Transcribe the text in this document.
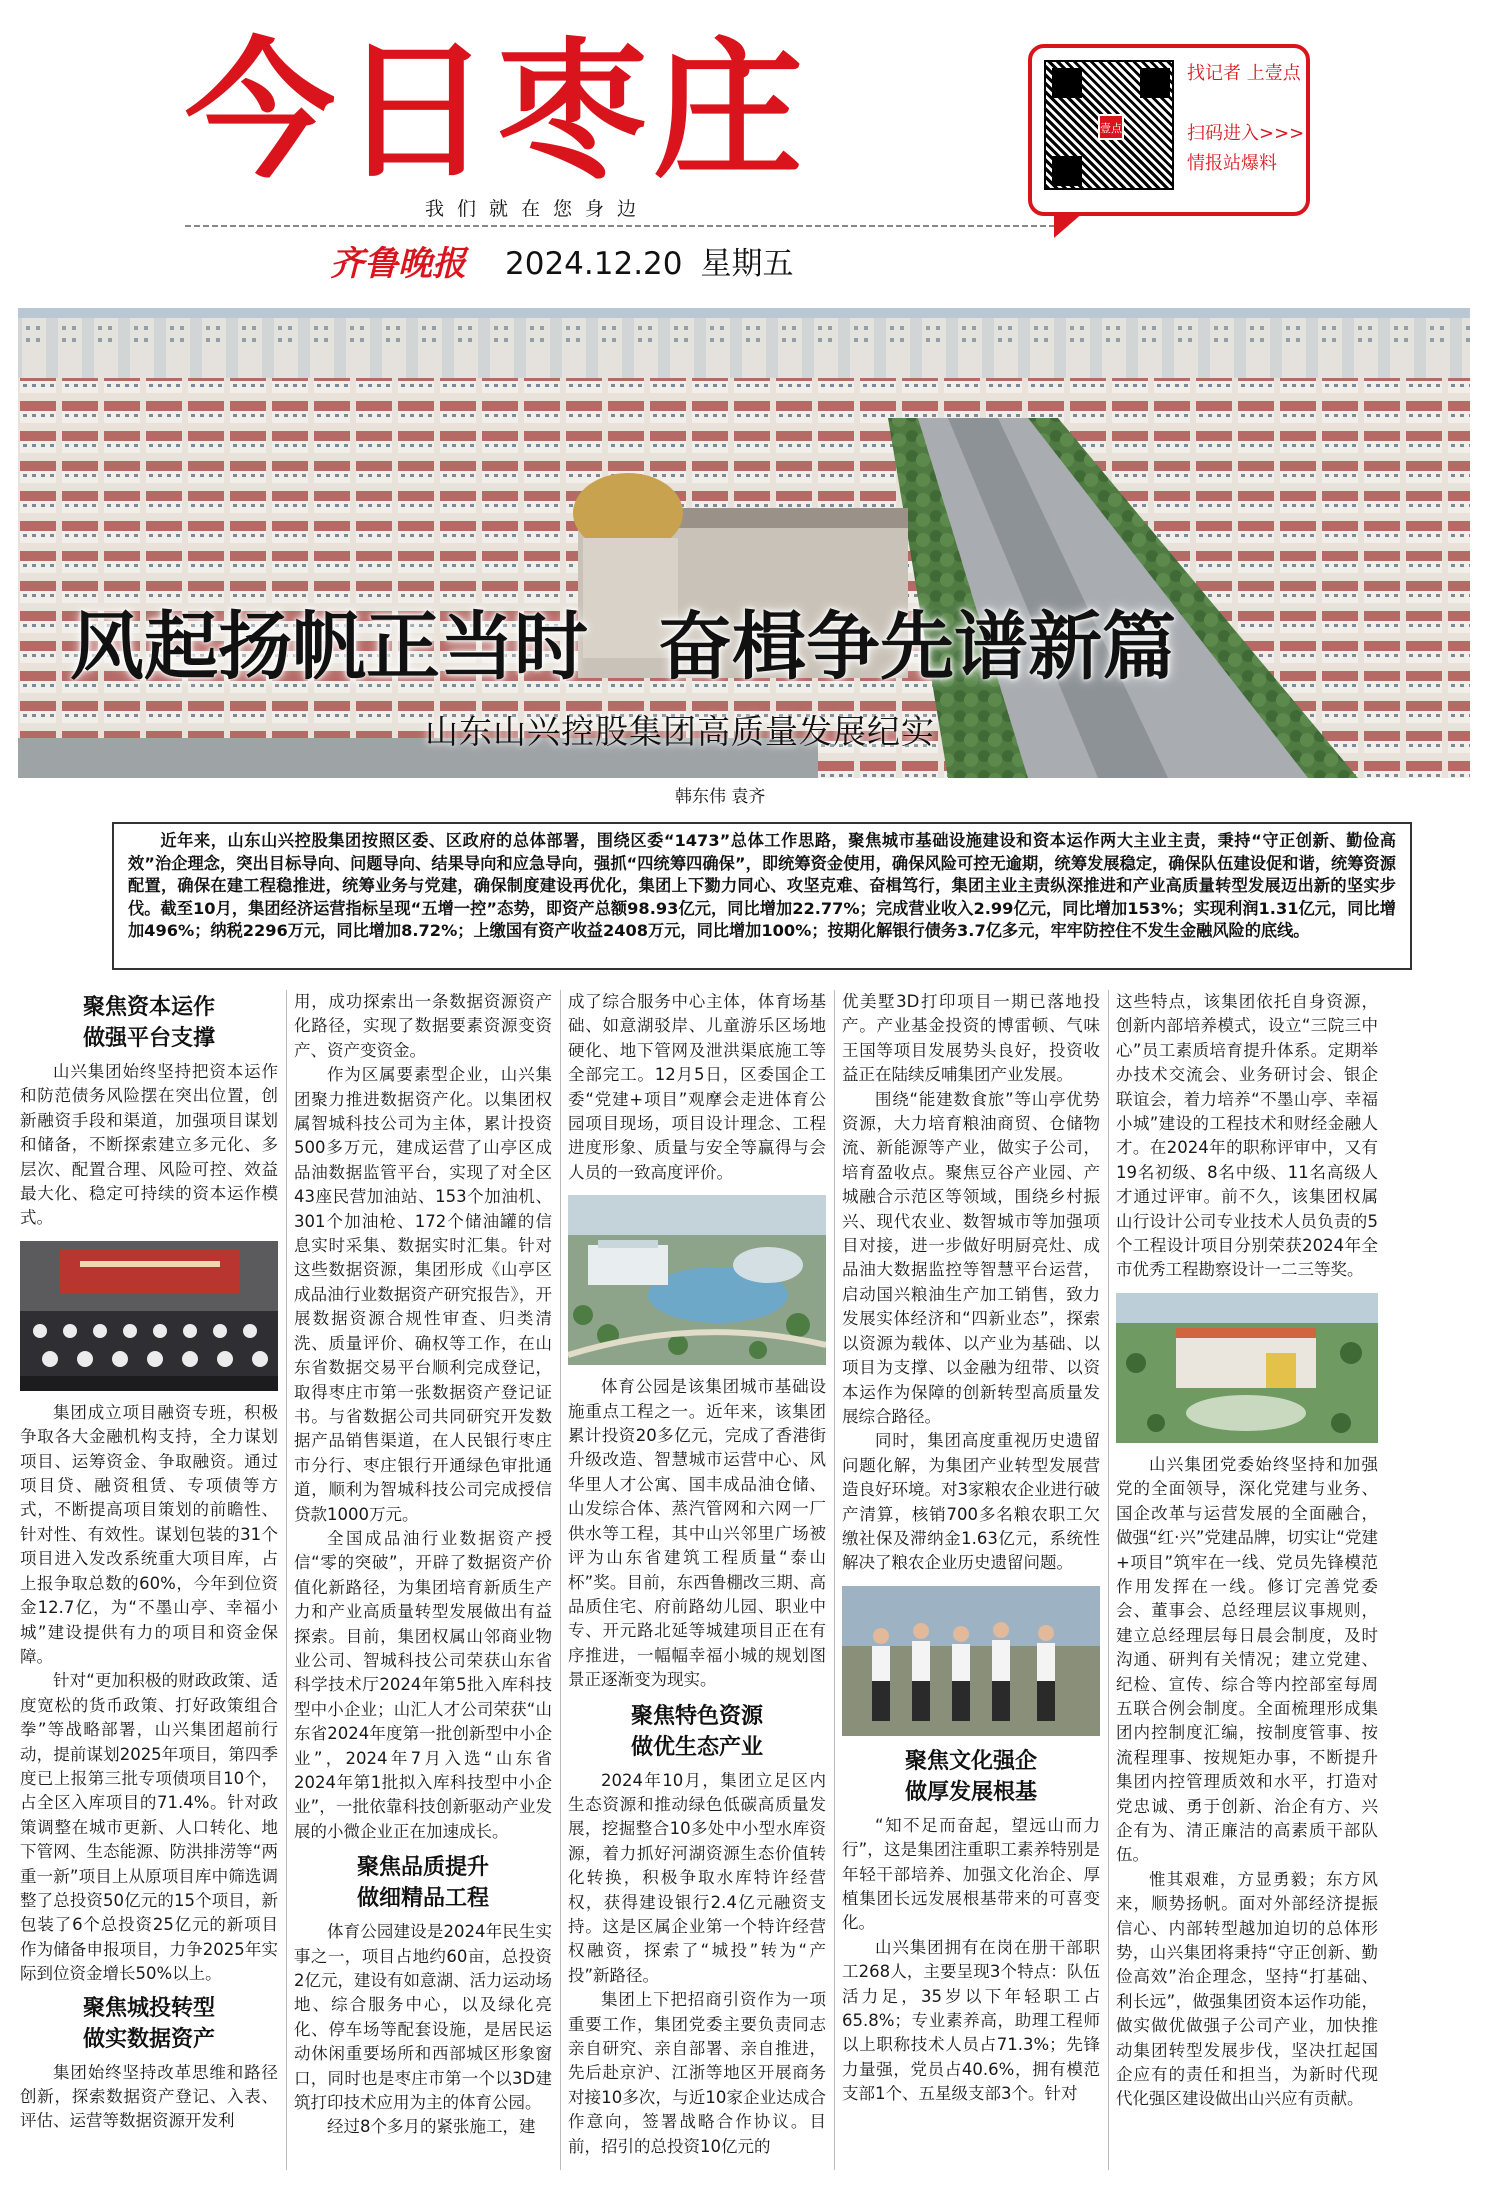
今日枣庄
我们就在您身边
齐鲁晚报	2024.12.20 星期五
壹点
找记者 上壹点
扫码进入>>>
情报站爆料
风起扬帆正当时 奋楫争先谱新篇
山东山兴控股集团高质量发展纪实
韩东伟 袁齐

近年来，山东山兴控股集团按照区委、区政府的总体部署，围绕区委“1473”总体工作思路，聚焦城市基础设施建设和资本运作两大主业主责，秉持“守正创新、勤俭高效”治企理念，突出目标导向、问题导向、结果导向和应急导向，强抓“四统筹四确保”，即统筹资金使用，确保风险可控无逾期，统筹发展稳定，确保队伍建设促和谐，统筹资源配置，确保在建工程稳推进，统筹业务与党建，确保制度建设再优化，集团上下勠力同心、攻坚克难、奋楫笃行，集团主业主责纵深推进和产业高质量转型发展迈出新的坚实步伐。截至10月，集团经济运营指标呈现“五增一控”态势，即资产总额98.93亿元，同比增加22.77%；完成营业收入2.99亿元，同比增加153%；实现利润1.31亿元，同比增加496%；纳税2296万元，同比增加8.72%；上缴国有资产收益2408万元，同比增加100%；按期化解银行债务3.7亿多元，牢牢防控住不发生金融风险的底线。

聚焦资本运作
做强平台支撑

山兴集团始终坚持把资本运作和防范债务风险摆在突出位置，创新融资手段和渠道，加强项目谋划和储备，不断探索建立多元化、多层次、配置合理、风险可控、效益最大化、稳定可持续的资本运作模式。

集团成立项目融资专班，积极争取各大金融机构支持，全力谋划项目、运筹资金、争取融资。通过项目贷、融资租赁、专项债等方式，不断提高项目策划的前瞻性、针对性、有效性。谋划包装的31个项目进入发改系统重大项目库，占上报争取总数的60%，今年到位资金12.7亿，为“不墨山亭、幸福小城”建设提供有力的项目和资金保障。

针对“更加积极的财政政策、适度宽松的货币政策、打好政策组合拳”等战略部署，山兴集团超前行动，提前谋划2025年项目，第四季度已上报第三批专项债项目10个，占全区入库项目的71.4%。针对政策调整在城市更新、人口转化、地下管网、生态能源、防洪排涝等“两重一新”项目上从原项目库中筛选调整了总投资50亿元的15个项目，新包装了6个总投资25亿元的新项目作为储备申报项目，力争2025年实际到位资金增长50%以上。

聚焦城投转型
做实数据资产

集团始终坚持改革思维和路径创新，探索数据资产登记、入表、评估、运营等数据资源开发利

用，成功探索出一条数据资源资产化路径，实现了数据要素资源变资产、资产变资金。

作为区属要素型企业，山兴集团聚力推进数据资产化。以集团权属智城科技公司为主体，累计投资500多万元，建成运营了山亭区成品油数据监管平台，实现了对全区43座民营加油站、153个加油机、301个加油枪、172个储油罐的信息实时采集、数据实时汇集。针对这些数据资源，集团形成《山亭区成品油行业数据资产研究报告》，开展数据资源合规性审查、归类清洗、质量评价、确权等工作，在山东省数据交易平台顺利完成登记，取得枣庄市第一张数据资产登记证书。与省数据公司共同研究开发数据产品销售渠道，在人民银行枣庄市分行、枣庄银行开通绿色审批通道，顺利为智城科技公司完成授信贷款1000万元。

全国成品油行业数据资产授信“零的突破”，开辟了数据资产价值化新路径，为集团培育新质生产力和产业高质量转型发展做出有益探索。目前，集团权属山邻商业物业公司、智城科技公司荣获山东省科学技术厅2024年第5批入库科技型中小企业；山汇人才公司荣获“山东省2024年度第一批创新型中小企业”，2024年7月入选“山东省2024年第1批拟入库科技型中小企业”，一批依靠科技创新驱动产业发展的小微企业正在加速成长。

聚焦品质提升
做细精品工程

体育公园建设是2024年民生实事之一，项目占地约60亩，总投资2亿元，建设有如意湖、活力运动场地、综合服务中心，以及绿化亮化、停车场等配套设施，是居民运动休闲重要场所和西部城区形象窗口，同时也是枣庄市第一个以3D建筑打印技术应用为主的体育公园。

经过8个多月的紧张施工，建

成了综合服务中心主体，体育场基础、如意湖驳岸、儿童游乐区场地硬化、地下管网及泄洪渠底施工等全部完工。12月5日，区委国企工委“党建+项目”观摩会走进体育公园项目现场，项目设计理念、工程进度形象、质量与安全等赢得与会人员的一致高度评价。

体育公园是该集团城市基础设施重点工程之一。近年来，该集团累计投资20多亿元，完成了香港街升级改造、智慧城市运营中心、风华里人才公寓、国丰成品油仓储、山发综合体、蒸汽管网和六网一厂供水等工程，其中山兴邻里广场被评为山东省建筑工程质量“泰山杯”奖。目前，东西鲁棚改三期、高品质住宅、府前路幼儿园、职业中专、开元路北延等城建项目正在有序推进，一幅幅幸福小城的规划图景正逐渐变为现实。

聚焦特色资源
做优生态产业

2024年10月，集团立足区内生态资源和推动绿色低碳高质量发展，挖掘整合10多处中小型水库资源，着力抓好河湖资源生态价值转化转换，积极争取水库特许经营权，获得建设银行2.4亿元融资支持。这是区属企业第一个特许经营权融资，探索了“城投”转为“产投”新路径。

集团上下把招商引资作为一项重要工作，集团党委主要负责同志亲自研究、亲自部署、亲自推进，先后赴京沪、江浙等地区开展商务对接10多次，与近10家企业达成合作意向，签署战略合作协议。目前，招引的总投资10亿元的

优美墅3D打印项目一期已落地投产。产业基金投资的博雷顿、气味王国等项目发展势头良好，投资收益正在陆续反哺集团产业发展。

围绕“能建数食旅”等山亭优势资源，大力培育粮油商贸、仓储物流、新能源等产业，做实子公司，培育盈收点。聚焦豆谷产业园、产城融合示范区等领域，围绕乡村振兴、现代农业、数智城市等加强项目对接，进一步做好明厨亮灶、成品油大数据监控等智慧平台运营，启动国兴粮油生产加工销售，致力发展实体经济和“四新业态”，探索以资源为载体、以产业为基础、以项目为支撑、以金融为纽带、以资本运作为保障的创新转型高质量发展综合路径。

同时，集团高度重视历史遗留问题化解，为集团产业转型发展营造良好环境。对3家粮农企业进行破产清算，核销700多名粮农职工欠缴社保及滞纳金1.63亿元，系统性解决了粮农企业历史遗留问题。

聚焦文化强企
做厚发展根基

“知不足而奋起，望远山而力行”，这是集团注重职工素养特别是年轻干部培养、加强文化治企、厚植集团长远发展根基带来的可喜变化。

山兴集团拥有在岗在册干部职工268人，主要呈现3个特点：队伍活力足，35岁以下年轻职工占65.8%；专业素养高，助理工程师以上职称技术人员占71.3%；先锋力量强，党员占40.6%，拥有模范支部1个、五星级支部3个。针对

这些特点，该集团依托自身资源，创新内部培养模式，设立“三院三中心”员工素质培育提升体系。定期举办技术交流会、业务研讨会、银企联谊会，着力培养“不墨山亭、幸福小城”建设的工程技术和财经金融人才。在2024年的职称评审中，又有19名初级、8名中级、11名高级人才通过评审。前不久，该集团权属山行设计公司专业技术人员负责的5个工程设计项目分别荣获2024年全市优秀工程勘察设计一二三等奖。

山兴集团党委始终坚持和加强党的全面领导，深化党建与业务、国企改革与运营发展的全面融合，做强“红·兴”党建品牌，切实让“党建+项目”筑牢在一线、党员先锋模范作用发挥在一线。修订完善党委会、董事会、总经理层议事规则，建立总经理层每日晨会制度，及时沟通、研判有关情况；建立党建、纪检、宣传、综合等内控部室每周五联合例会制度。全面梳理形成集团内控制度汇编，按制度管事、按流程理事、按规矩办事，不断提升集团内控管理质效和水平，打造对党忠诚、勇于创新、治企有方、兴企有为、清正廉洁的高素质干部队伍。

惟其艰难，方显勇毅；东方风来，顺势扬帆。面对外部经济提振信心、内部转型越加迫切的总体形势，山兴集团将秉持“守正创新、勤俭高效”治企理念，坚持“打基础、利长远”，做强集团资本运作功能，做实做优做强子公司产业，加快推动集团转型发展步伐，坚决扛起国企应有的责任和担当，为新时代现代化强区建设做出山兴应有贡献。
